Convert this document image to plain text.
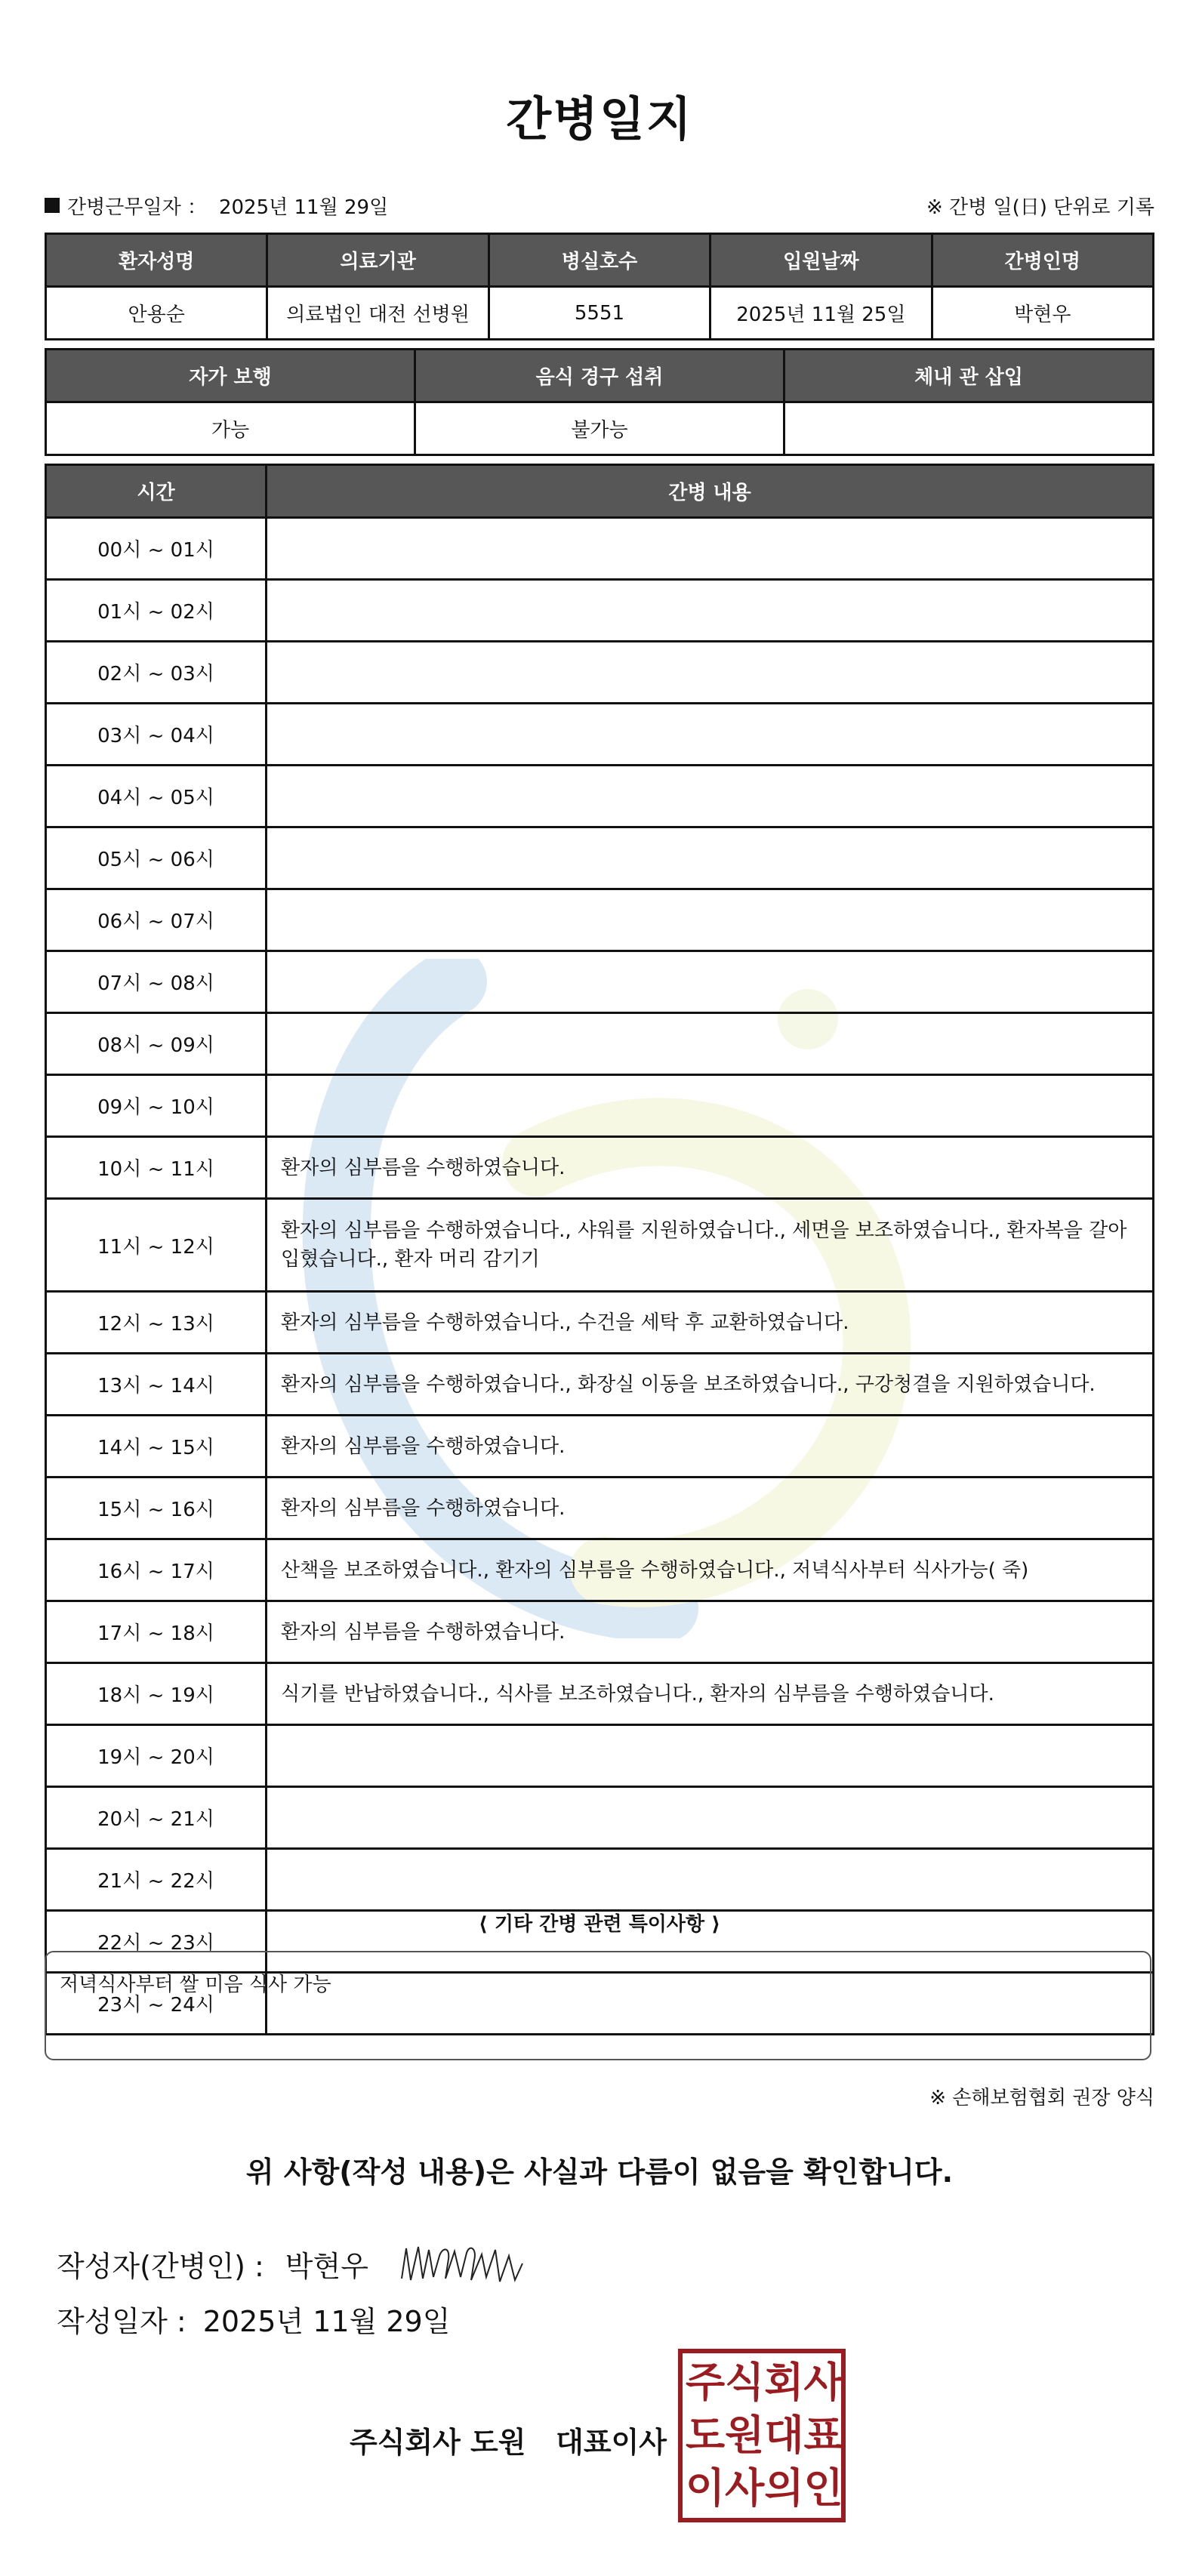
간병일지
간병근무일자 ： 2025년 11월 29일	※ 간병 일(日) 단위로 기록
환자성명	의료기관	병실호수	입원날짜	간병인명
안용순	의료법인 대전 선병원	5551	2025년 11월 25일	박현우
자가 보행	음식 경구 섭취	체내 관 삽입
가능	불가능	
시간	간병 내용
00시 ~ 01시	
01시 ~ 02시	
02시 ~ 03시	
03시 ~ 04시	
04시 ~ 05시	
05시 ~ 06시	
06시 ~ 07시	
07시 ~ 08시	
08시 ~ 09시	
09시 ~ 10시	
10시 ~ 11시	환자의 심부름을 수행하였습니다.
11시 ~ 12시	환자의 심부름을 수행하였습니다., 샤워를 지원하였습니다., 세면을 보조하였습니다., 환자복을 갈아입혔습니다., 환자 머리 감기기
12시 ~ 13시	환자의 심부름을 수행하였습니다., 수건을 세탁 후 교환하였습니다.
13시 ~ 14시	환자의 심부름을 수행하였습니다., 화장실 이동을 보조하였습니다., 구강청결을 지원하였습니다.
14시 ~ 15시	환자의 심부름을 수행하였습니다.
15시 ~ 16시	환자의 심부름을 수행하였습니다.
16시 ~ 17시	산책을 보조하였습니다., 환자의 심부름을 수행하였습니다., 저녁식사부터 식사가능( 죽)
17시 ~ 18시	환자의 심부름을 수행하였습니다.
18시 ~ 19시	식기를 반납하였습니다., 식사를 보조하였습니다., 환자의 심부름을 수행하였습니다.
19시 ~ 20시	
20시 ~ 21시	
21시 ~ 22시	
22시 ~ 23시	
23시 ~ 24시	
⟨ 기타 간병 관련 특이사항 ⟩
저녁식사부터 쌀 미음 식사 가능
※ 손해보험협회 권장 양식
위 사항(작성 내용)은 사실과 다름이 없음을 확인합니다.
작성자(간병인) : 박현우
작성일자 : 2025년 11월 29일
주식회사 도원   대표이사
주 식 회 사
도 원 대 표
이 사 의 인
